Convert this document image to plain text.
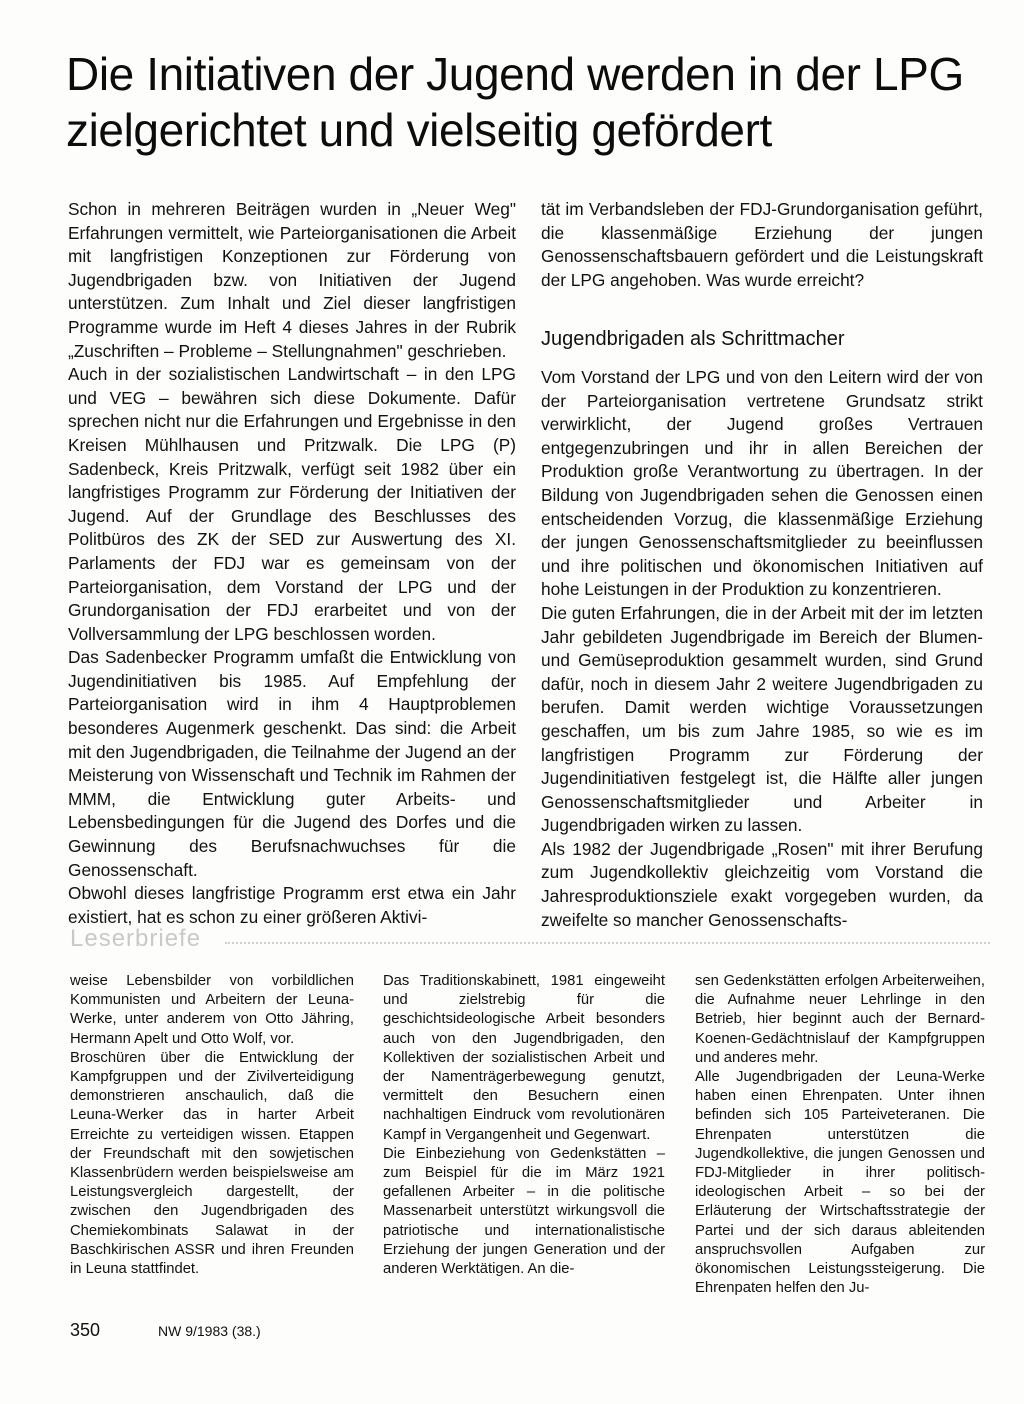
Die Initiativen der Jugend werden in der LPG zielgerichtet und vielseitig gefördert

Schon in mehreren Beiträgen wurden in „Neuer Weg" Erfahrungen vermittelt, wie Parteiorganisationen die Arbeit mit langfristigen Konzeptionen zur Förderung von Jugendbrigaden bzw. von Initiativen der Jugend unterstützen. Zum Inhalt und Ziel dieser langfristigen Programme wurde im Heft 4 dieses Jahres in der Rubrik „Zuschriften – Probleme – Stellungnahmen" geschrieben.

Auch in der sozialistischen Landwirtschaft – in den LPG und VEG – bewähren sich diese Dokumente. Dafür sprechen nicht nur die Erfahrungen und Ergebnisse in den Kreisen Mühlhausen und Pritzwalk. Die LPG (P) Sadenbeck, Kreis Pritzwalk, verfügt seit 1982 über ein langfristiges Programm zur Förderung der Initiativen der Jugend. Auf der Grundlage des Beschlusses des Politbüros des ZK der SED zur Auswertung des XI. Parlaments der FDJ war es gemeinsam von der Parteiorganisation, dem Vorstand der LPG und der Grundorganisation der FDJ erarbeitet und von der Vollversammlung der LPG beschlossen worden.

Das Sadenbecker Programm umfaßt die Entwicklung von Jugendinitiativen bis 1985. Auf Empfehlung der Parteiorganisation wird in ihm 4 Hauptproblemen besonderes Augenmerk geschenkt. Das sind: die Arbeit mit den Jugendbrigaden, die Teilnahme der Jugend an der Meisterung von Wissenschaft und Technik im Rahmen der MMM, die Entwicklung guter Arbeits- und Lebensbedingungen für die Jugend des Dorfes und die Gewinnung des Berufsnachwuchses für die Genossenschaft.

Obwohl dieses langfristige Programm erst etwa ein Jahr existiert, hat es schon zu einer größeren Aktivi-

tät im Verbandsleben der FDJ-Grundorganisation geführt, die klassenmäßige Erziehung der jungen Genossenschaftsbauern gefördert und die Leistungskraft der LPG angehoben. Was wurde erreicht?

Jugendbrigaden als Schrittmacher

Vom Vorstand der LPG und von den Leitern wird der von der Parteiorganisation vertretene Grundsatz strikt verwirklicht, der Jugend großes Vertrauen entgegenzubringen und ihr in allen Bereichen der Produktion große Verantwortung zu übertragen. In der Bildung von Jugendbrigaden sehen die Genossen einen entscheidenden Vorzug, die klassenmäßige Erziehung der jungen Genossenschaftsmitglieder zu beeinflussen und ihre politischen und ökonomischen Initiativen auf hohe Leistungen in der Produktion zu konzentrieren.

Die guten Erfahrungen, die in der Arbeit mit der im letzten Jahr gebildeten Jugendbrigade im Bereich der Blumen- und Gemüseproduktion gesammelt wurden, sind Grund dafür, noch in diesem Jahr 2 weitere Jugendbrigaden zu berufen. Damit werden wichtige Voraussetzungen geschaffen, um bis zum Jahre 1985, so wie es im langfristigen Programm zur Förderung der Jugendinitiativen festgelegt ist, die Hälfte aller jungen Genossenschaftsmitglieder und Arbeiter in Jugendbrigaden wirken zu lassen.

Als 1982 der Jugendbrigade „Rosen" mit ihrer Berufung zum Jugendkollektiv gleichzeitig vom Vorstand die Jahresproduktionsziele exakt vorgegeben wurden, da zweifelte so mancher Genossenschafts-

Leserbriefe

weise Lebensbilder von vorbildlichen Kommunisten und Arbeitern der Leuna-Werke, unter anderem von Otto Jähring, Hermann Apelt und Otto Wolf, vor.

Broschüren über die Entwicklung der Kampfgruppen und der Zivilverteidigung demonstrieren anschaulich, daß die Leuna-Werker das in harter Arbeit Erreichte zu verteidigen wissen. Etappen der Freundschaft mit den sowjetischen Klassenbrüdern werden beispielsweise am Leistungsvergleich dargestellt, der zwischen den Jugendbrigaden des Chemiekombinats Salawat in der Baschkirischen ASSR und ihren Freunden in Leuna stattfindet.

Das Traditionskabinett, 1981 eingeweiht und zielstrebig für die geschichtsideologische Arbeit besonders auch von den Jugendbrigaden, den Kollektiven der sozialistischen Arbeit und der Namenträgerbewegung genutzt, vermittelt den Besuchern einen nachhaltigen Eindruck vom revolutionären Kampf in Vergangenheit und Gegenwart.

Die Einbeziehung von Gedenkstätten – zum Beispiel für die im März 1921 gefallenen Arbeiter – in die politische Massenarbeit unterstützt wirkungsvoll die patriotische und internationalistische Erziehung der jungen Generation und der anderen Werktätigen. An die-

sen Gedenkstätten erfolgen Arbeiterweihen, die Aufnahme neuer Lehrlinge in den Betrieb, hier beginnt auch der Bernard-Koenen-Gedächtnislauf der Kampfgruppen und anderes mehr.

Alle Jugendbrigaden der Leuna-Werke haben einen Ehrenpaten. Unter ihnen befinden sich 105 Parteiveteranen. Die Ehrenpaten unterstützen die Jugendkollektive, die jungen Genossen und FDJ-Mitglieder in ihrer politisch-ideologischen Arbeit – so bei der Erläuterung der Wirtschaftsstrategie der Partei und der sich daraus ableitenden anspruchsvollen Aufgaben zur ökonomischen Leistungssteigerung. Die Ehrenpaten helfen den Ju-

350	NW 9/1983 (38.)
